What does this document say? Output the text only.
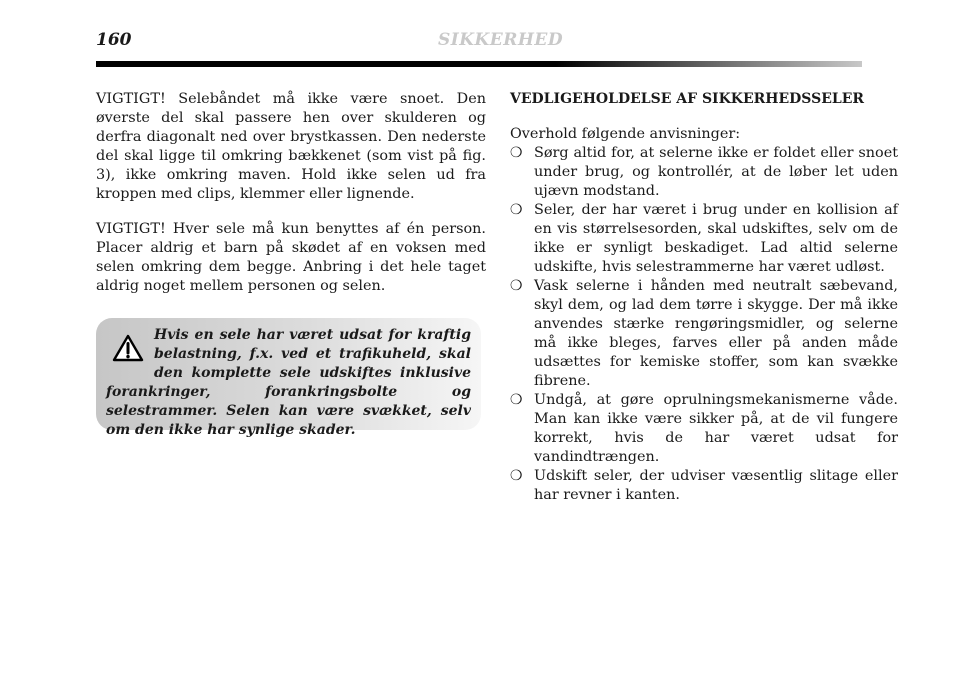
160	SIKKERHED

VIGTIGT! Selebåndet må ikke være snoet. Den øverste del skal passere hen over skulderen og derfra diagonalt ned over brystkassen. Den nederste del skal ligge til omkring bækkenet (som vist på fig. 3), ikke omkring maven. Hold ikke selen ud fra kroppen med clips, klemmer eller lignende.

VIGTIGT! Hver sele må kun benyttes af én person. Placer aldrig et barn på skødet af en voksen med selen omkring dem begge. Anbring i det hele taget aldrig noget mellem personen og selen.

Hvis en sele har været udsat for kraftig belastning, f.x. ved et trafikuheld, skal den komplette sele udskiftes inklusive forankringer, forankringsbolte og selestrammer. Selen kan være svækket, selv om den ikke har synlige skader.

VEDLIGEHOLDELSE AF SIKKERHEDSSELER

Overhold følgende anvisninger:

❍ Sørg altid for, at selerne ikke er foldet eller snoet under brug, og kontrollér, at de løber let uden ujævn modstand.
❍ Seler, der har været i brug under en kollision af en vis størrelsesorden, skal udskiftes, selv om de ikke er synligt beskadiget. Lad altid selerne udskifte, hvis selestrammerne har været udløst.
❍ Vask selerne i hånden med neutralt sæbevand, skyl dem, og lad dem tørre i skygge. Der må ikke anvendes stærke rengøringsmidler, og selerne må ikke bleges, farves eller på anden måde udsættes for kemiske stoffer, som kan svække fibrene.
❍ Undgå, at gøre oprulningsmekanismerne våde. Man kan ikke være sikker på, at de vil fungere korrekt, hvis de har været udsat for vandindtrængen.
❍ Udskift seler, der udviser væsentlig slitage eller har revner i kanten.
